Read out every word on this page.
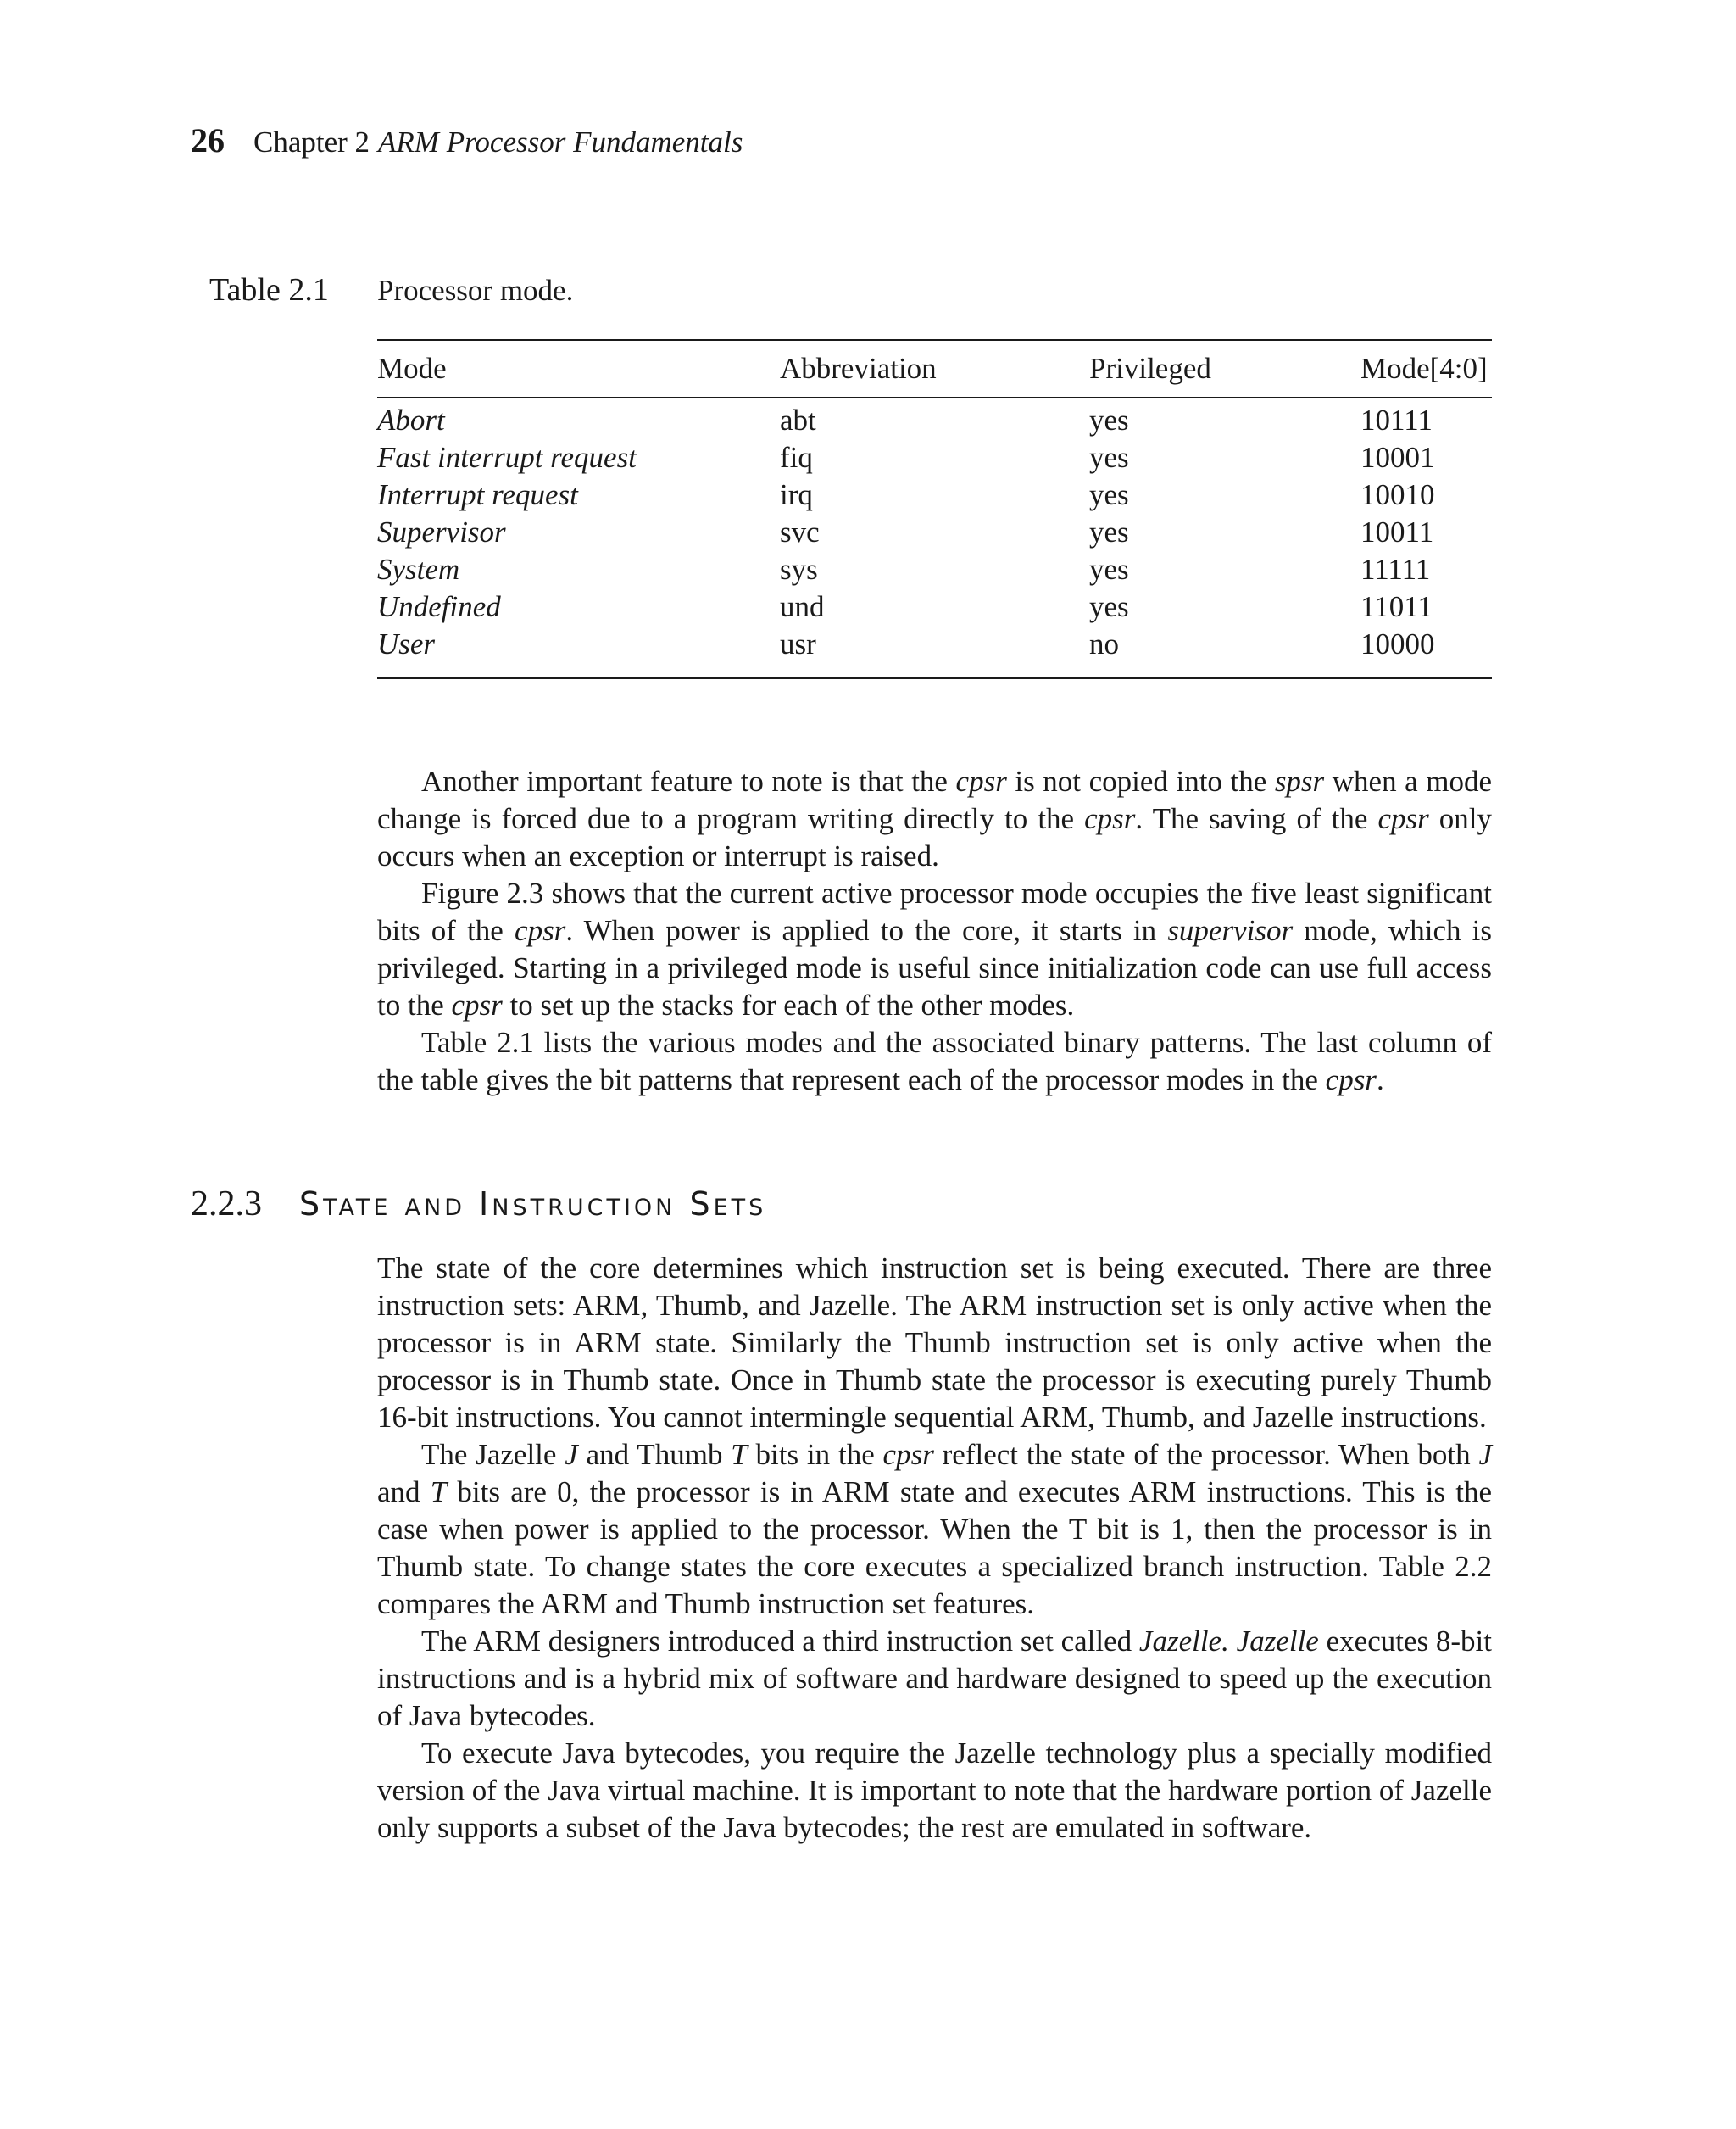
26 Chapter 2 ARM Processor Fundamentals
Table 2.1 Processor mode.
Mode	Abbreviation	Privileged	Mode[4:0]
Abort	abt	yes	10111
Fast interrupt request	fiq	yes	10001
Interrupt request	irq	yes	10010
Supervisor	svc	yes	10011
System	sys	yes	11111
Undefined	und	yes	11011
User	usr	no	10000

Another important feature to note is that the cpsr is not copied into the spsr when a mode change is forced due to a program writing directly to the cpsr. The saving of the cpsr only occurs when an exception or interrupt is raised.

Figure 2.3 shows that the current active processor mode occupies the five least significant bits of the cpsr. When power is applied to the core, it starts in supervisor mode, which is privileged. Starting in a privileged mode is useful since initialization code can use full access to the cpsr to set up the stacks for each of the other modes.

Table 2.1 lists the various modes and the associated binary patterns. The last column of the table gives the bit patterns that represent each of the processor modes in the cpsr.

2.2.3 State and Instruction Sets

The state of the core determines which instruction set is being executed. There are three instruction sets: ARM, Thumb, and Jazelle. The ARM instruction set is only active when the processor is in ARM state. Similarly the Thumb instruction set is only active when the processor is in Thumb state. Once in Thumb state the processor is executing purely Thumb 16-bit instructions. You cannot intermingle sequential ARM, Thumb, and Jazelle instructions.

The Jazelle J and Thumb T bits in the cpsr reflect the state of the processor. When both J and T bits are 0, the processor is in ARM state and executes ARM instructions. This is the case when power is applied to the processor. When the T bit is 1, then the processor is in Thumb state. To change states the core executes a specialized branch instruction. Table 2.2 compares the ARM and Thumb instruction set features.

The ARM designers introduced a third instruction set called Jazelle. Jazelle executes 8-bit instructions and is a hybrid mix of software and hardware designed to speed up the execution of Java bytecodes.

To execute Java bytecodes, you require the Jazelle technology plus a specially modified version of the Java virtual machine. It is important to note that the hardware portion of Jazelle only supports a subset of the Java bytecodes; the rest are emulated in software.
